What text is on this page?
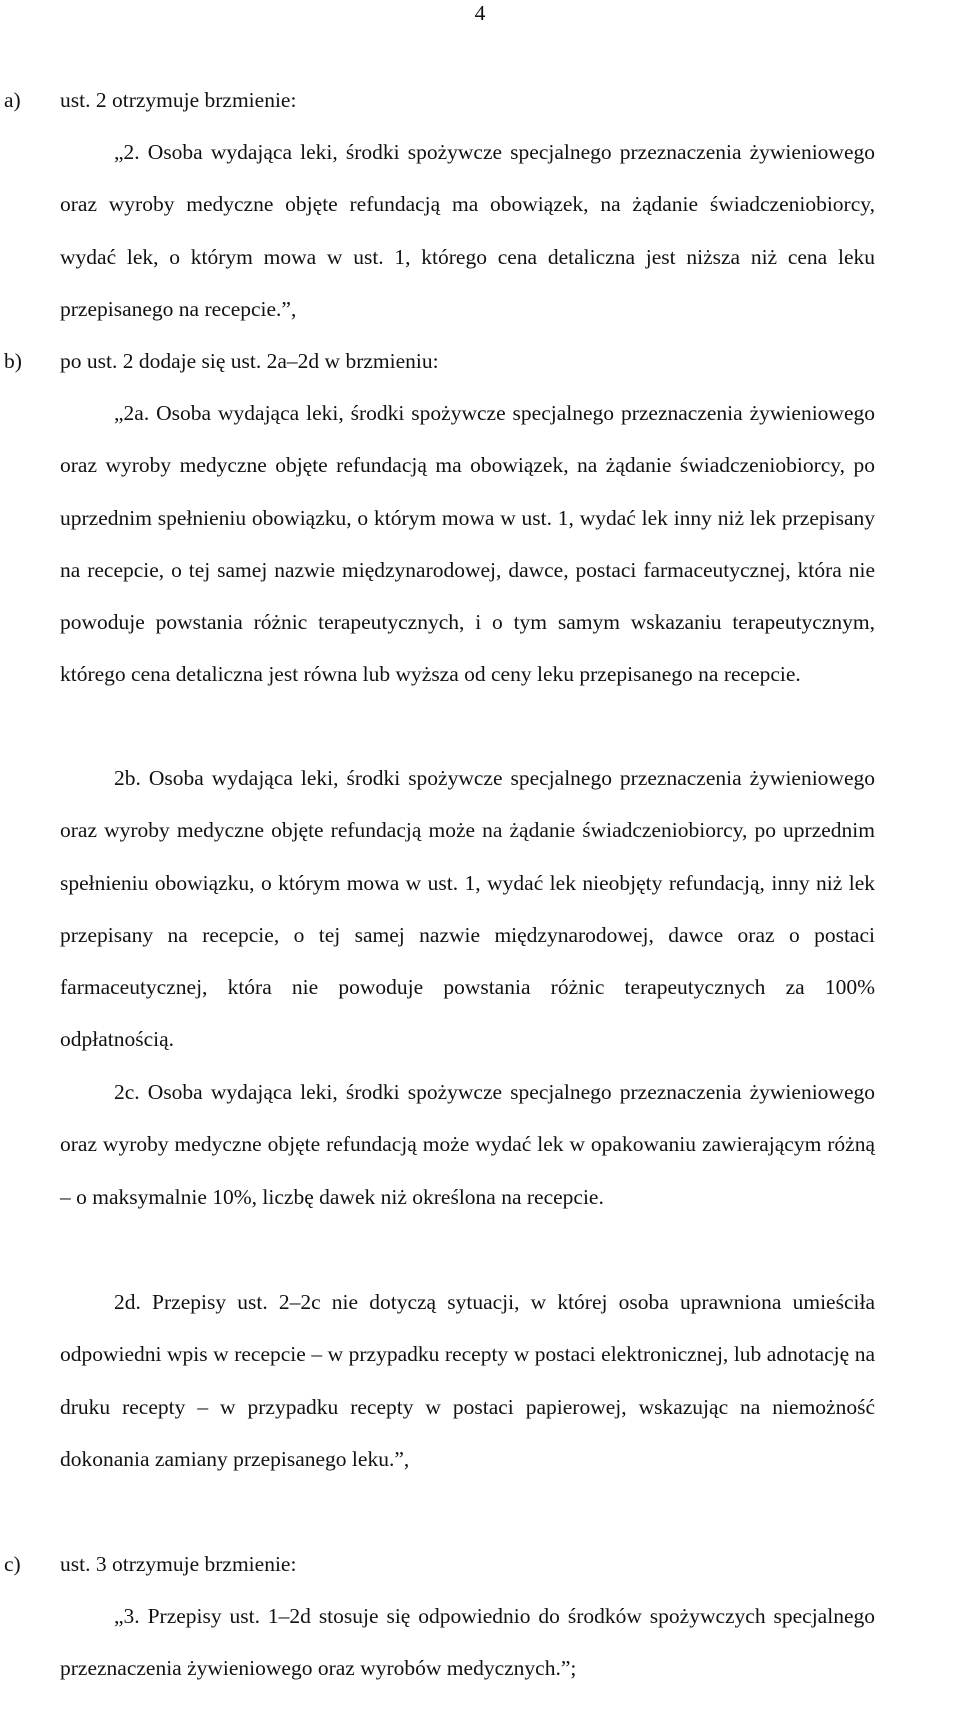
4
a) ust. 2 otrzymuje brzmienie:

„2. Osoba wydająca leki, środki spożywcze specjalnego przeznaczenia żywieniowego oraz wyroby medyczne objęte refundacją ma obowiązek, na żądanie świadczeniobiorcy, wydać lek, o którym mowa w ust. 1, którego cena detaliczna jest niższa niż cena leku przepisanego na recepcie.”,

b) po ust. 2 dodaje się ust. 2a–2d w brzmieniu:

„2a. Osoba wydająca leki, środki spożywcze specjalnego przeznaczenia żywieniowego oraz wyroby medyczne objęte refundacją ma obowiązek, na żądanie świadczeniobiorcy, po uprzednim spełnieniu obowiązku, o którym mowa w ust. 1, wydać lek inny niż lek przepisany na recepcie, o tej samej nazwie międzynarodowej, dawce, postaci farmaceutycznej, która nie powoduje powstania różnic terapeutycznych, i o tym samym wskazaniu terapeutycznym, którego cena detaliczna jest równa lub wyższa od ceny leku przepisanego na recepcie.

2b. Osoba wydająca leki, środki spożywcze specjalnego przeznaczenia żywieniowego oraz wyroby medyczne objęte refundacją może na żądanie świadczeniobiorcy, po uprzednim spełnieniu obowiązku, o którym mowa w ust. 1, wydać lek nieobjęty refundacją, inny niż lek przepisany na recepcie, o tej samej nazwie międzynarodowej, dawce oraz o postaci farmaceutycznej, która nie powoduje powstania różnic terapeutycznych za 100% odpłatnością.

2c. Osoba wydająca leki, środki spożywcze specjalnego przeznaczenia żywieniowego oraz wyroby medyczne objęte refundacją może wydać lek w opakowaniu zawierającym różną – o maksymalnie 10%, liczbę dawek niż określona na recepcie.

2d. Przepisy ust. 2–2c nie dotyczą sytuacji, w której osoba uprawniona umieściła odpowiedni wpis w recepcie – w przypadku recepty w postaci elektronicznej, lub adnotację na druku recepty – w przypadku recepty w postaci papierowej, wskazując na niemożność dokonania zamiany przepisanego leku.”,

c) ust. 3 otrzymuje brzmienie:

„3. Przepisy ust. 1–2d stosuje się odpowiednio do środków spożywczych specjalnego przeznaczenia żywieniowego oraz wyrobów medycznych.”;
